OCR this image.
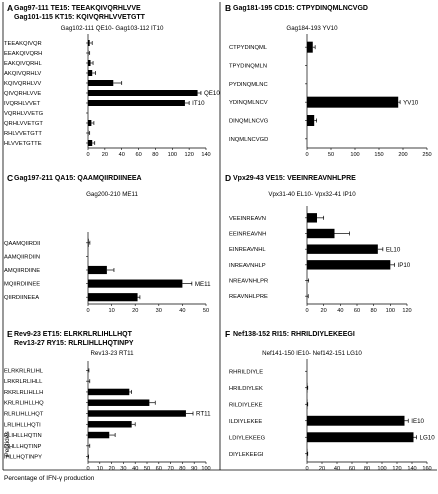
Peptides
Percentage of IFN-γ production
A Gag97-111 TE15: TEEAKQIVQRHLVVE
Gag101-115 KT15: KQIVQRHLVVETGTT
Gag102-111 QE10- Gag103-112 IT10
0 20 40 60 80 100 120 140
TEEAKQIVQR
EEAKQIVQRH
EAKQIVQRHL
AKQIVQRHLV
KQIVQRHLVV
QIVQRHLVVE	QE10
IVQRHLVVET	IT10
VQRHLVVETG
QRHLVVETGT
RHLVVETGTT
HLVVETGTTE
B Gag181-195 CD15: CTPYDINQMLNCVGD
Gag184-193 YV10
0	50	100	150	200	250
CTPYDINQML
TPYDINQMLN
PYDINQMLNC
YDINQMLNCV	YV10
DINQMLNCVG
INQMLNCVGD
C Gag197-211 QA15: QAAMQIIRDIINEEA
Gag200-210 ME11
0	10	20	30	40	50
QAAMQIIRDII
AAMQIIRDIIN
AMQIIRDIINE
MQIIRDIINEE	ME11
QIIRDIINEEA
D Vpx29-43 VE15: VEEINREAVNHLPRE
Vpx31-40 EL10- Vpx32-41 IP10
0 20 40 60 80 100 120
VEEINREAVN
EEINREAVNH
EINREAVNHL	EL10
INREAVNHLP	IP10
NREAVNHLPR
REAVNHLPRE
E Rev9-23 ET15: ELRKRLRLIHLLHQT
Rev13-27 RY15: RLRLIHLLHQTINPY
Rev13-23 RT11
0 10 20 30 40 50 60 70 80 90 100
ELRKRLRLIHL
LRKRLRLIHLL
RKRLRLIHLLH
KRLRLIHLLHQ
RLRLIHLLHQT	RT11
LRLIHLLHQTI
RLIHLLHQTIN
LIHLLHQTINP
IHLLHQTINPY
F Nef138-152 RI15: RHRILDIYLEKEEGI
Nef141-150 IE10- Nef142-151 LG10
0 20 40 60 80 100 120 140 160
RHRILDIYLE
HRILDIYLEK
RILDIYLEKE
ILDIYLEKEE	IE10
LDIYLEKEEG	LG10
DIYLEKEEGI
